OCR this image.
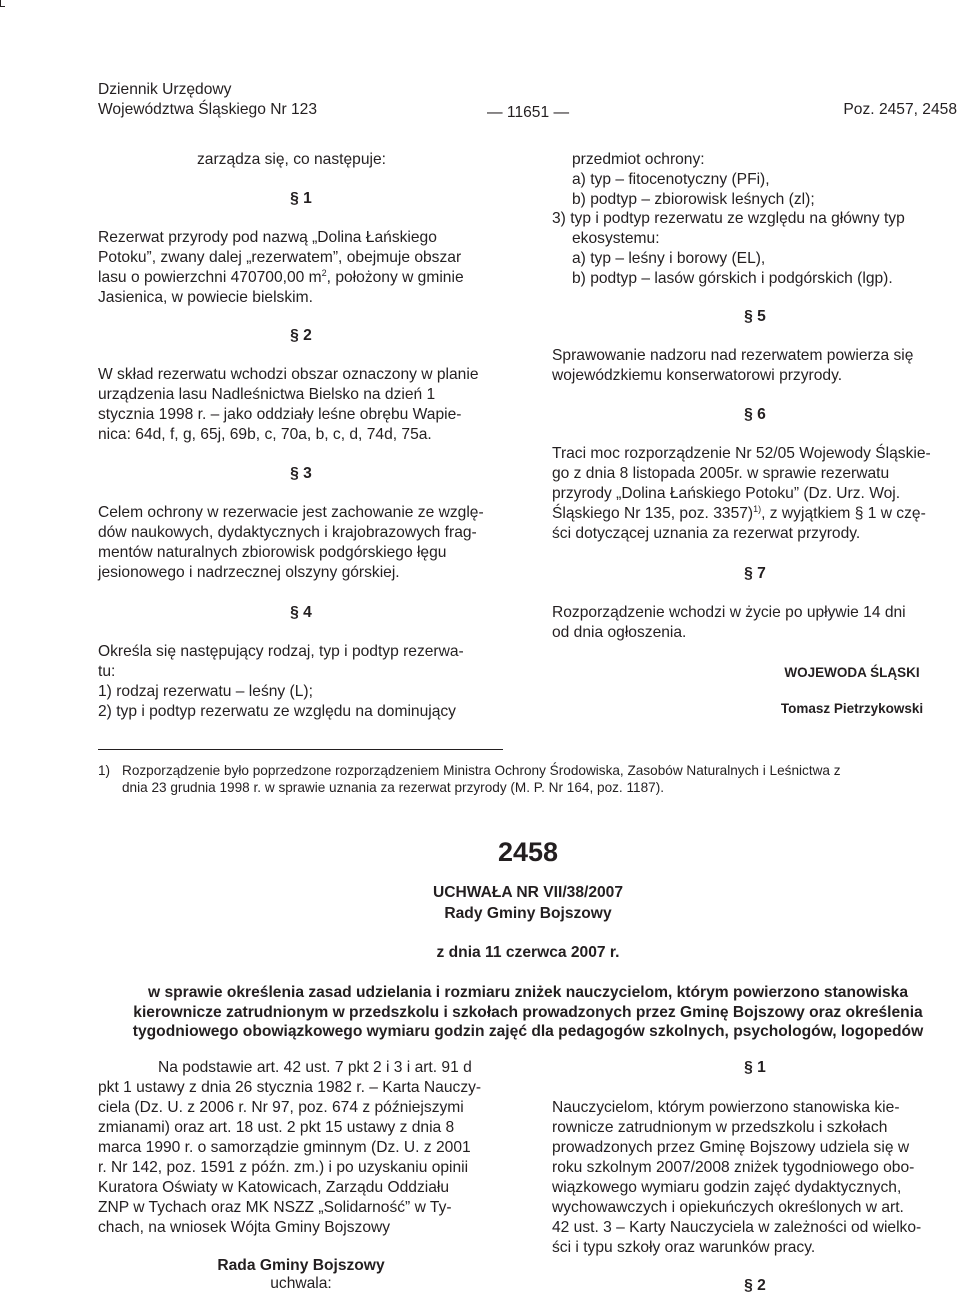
Dziennik Urzędowy
Województwa Śląskiego Nr 123	— 11651 —	Poz. 2457, 2458
zarządza się, co następuje:
§ 1
Rezerwat przyrody pod nazwą „Dolina Łańskiego
Potoku”, zwany dalej „rezerwatem”, obejmuje obszar
lasu o powierzchni 470700,00 $m^2$, położony w gminie
Jasienica, w powiecie bielskim.
§ 2
W skład rezerwatu wchodzi obszar oznaczony w planie
urządzenia lasu Nadleśnictwa Bielsko na dzień 1
stycznia 1998 r. – jako oddziały leśne obrębu Wapie-
nica: 64d, f, g, 65j, 69b, c, 70a, b, c, d, 74d, 75a.
§ 3
Celem ochrony w rezerwacie jest zachowanie ze wzglę-
dów naukowych, dydaktycznych i krajobrazowych frag-
mentów naturalnych zbiorowisk podgórskiego łęgu
jesionowego i nadrzecznej olszyny górskiej.
§ 4
Określa się następujący rodzaj, typ i podtyp rezerwa-
tu:
1) rodzaj rezerwatu – leśny (L);
2) typ i podtyp rezerwatu ze względu na dominujący
przedmiot ochrony:
a) typ – fitocenotyczny (PFi),
b) podtyp – zbiorowisk leśnych (zl);
3) typ i podtyp rezerwatu ze względu na główny typ
ekosystemu:
a) typ – leśny i borowy (EL),
b) podtyp – lasów górskich i podgórskich (lgp).
§ 5
Sprawowanie nadzoru nad rezerwatem powierza się
wojewódzkiemu konserwatorowi przyrody.
§ 6
Traci moc rozporządzenie Nr 52/05 Wojewody Śląskie-
go z dnia 8 listopada 2005r. w sprawie rezerwatu
przyrody „Dolina Łańskiego Potoku” (Dz. Urz. Woj.
Śląskiego Nr 135, poz. 3357)$^{1)}$, z wyjątkiem § 1 w czę-
ści dotyczącej uznania za rezerwat przyrody.
§ 7
Rozporządzenie wchodzi w życie po upływie 14 dni
od dnia ogłoszenia.
WOJEWODA ŚLĄSKI
Tomasz Pietrzykowski
1) Rozporządzenie było poprzedzone rozporządzeniem Ministra Ochrony Środowiska, Zasobów Naturalnych i Leśnictwa z
dnia 23 grudnia 1998 r. w sprawie uznania za rezerwat przyrody (M. P. Nr 164, poz. 1187).
2458
UCHWAŁA NR VII/38/2007
Rady Gminy Bojszowy
z dnia 11 czerwca 2007 r.
w sprawie określenia zasad udzielania i rozmiaru zniżek nauczycielom, którym powierzono stanowiska
kierownicze zatrudnionym w przedszkolu i szkołach prowadzonych przez Gminę Bojszowy oraz określenia
tygodniowego obowiązkowego wymiaru godzin zajęć dla pedagogów szkolnych, psychologów, logopedów
Na podstawie art. 42 ust. 7 pkt 2 i 3 i art. 91 d
pkt 1 ustawy z dnia 26 stycznia 1982 r. – Karta Nauczy-
ciela (Dz. U. z 2006 r. Nr 97, poz. 674 z późniejszymi
zmianami) oraz art. 18 ust. 2 pkt 15 ustawy z dnia 8
marca 1990 r. o samorządzie gminnym (Dz. U. z 2001
r. Nr 142, poz. 1591 z późn. zm.) i po uzyskaniu opinii
Kuratora Oświaty w Katowicach, Zarządu Oddziału
ZNP w Tychach oraz MK NSZZ „Solidarność” w Ty-
chach, na wniosek Wójta Gminy Bojszowy
Rada Gminy Bojszowy
uchwala:
§ 1
Nauczycielom, którym powierzono stanowiska kie-
rownicze zatrudnionym w przedszkolu i szkołach
prowadzonych przez Gminę Bojszowy udziela się w
roku szkolnym 2007/2008 zniżek tygodniowego obo-
wiązkowego wymiaru godzin zajęć dydaktycznych,
wychowawczych i opiekuńczych określonych w art.
42 ust. 3 – Karty Nauczyciela w zależności od wielko-
ści i typu szkoły oraz warunków pracy.
§ 2
